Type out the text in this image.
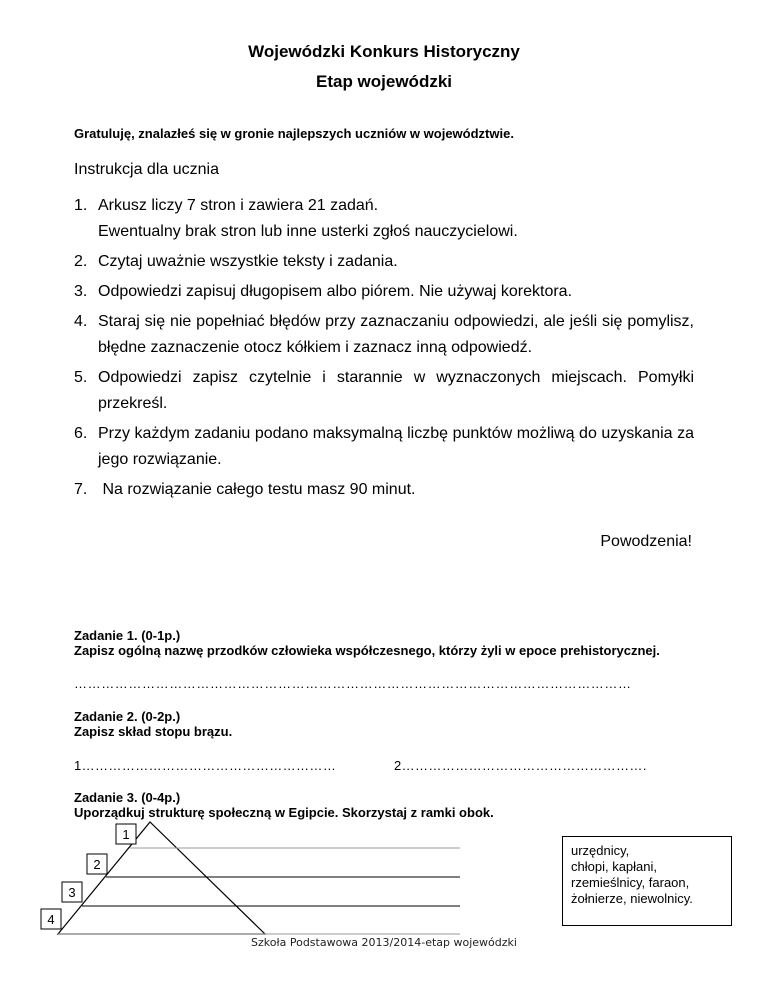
Wojewódzki Konkurs Historyczny
Etap wojewódzki
Gratuluję, znalazłeś się w gronie najlepszych uczniów w województwie.
Instrukcja dla ucznia
1. Arkusz liczy 7 stron i zawiera 21 zadań.
Ewentualny brak stron lub inne usterki zgłoś nauczycielowi.
2. Czytaj uważnie wszystkie teksty i zadania.
3. Odpowiedzi zapisuj długopisem albo piórem. Nie używaj korektora.
4. Staraj się nie popełniać błędów przy zaznaczaniu odpowiedzi, ale jeśli się pomylisz, błędne zaznaczenie otocz kółkiem i zaznacz inną odpowiedź.
5. Odpowiedzi zapisz czytelnie i starannie w wyznaczonych miejscach. Pomyłki przekreśl.
6. Przy każdym zadaniu podano maksymalną liczbę punktów możliwą do uzyskania za jego rozwiązanie.
7. Na rozwiązanie całego testu masz 90 minut.
Powodzenia!
Zadanie 1. (0-1p.)
Zapisz ogólną nazwę przodków człowieka współczesnego, którzy żyli w epoce prehistorycznej.
……………………………………………………………………………………………………………
Zadanie 2. (0-2p.)
Zapisz skład stopu brązu.
1…………………………………………………	2……………………………………………….
Zadanie 3. (0-4p.)
Uporządkuj strukturę społeczną w Egipcie. Skorzystaj z ramki obok.
1
2
3
4
urzędnicy,
chłopi, kapłani,
rzemieślnicy, faraon,
żołnierze, niewolnicy.
Szkoła Podstawowa 2013/2014-etap wojewódzki
